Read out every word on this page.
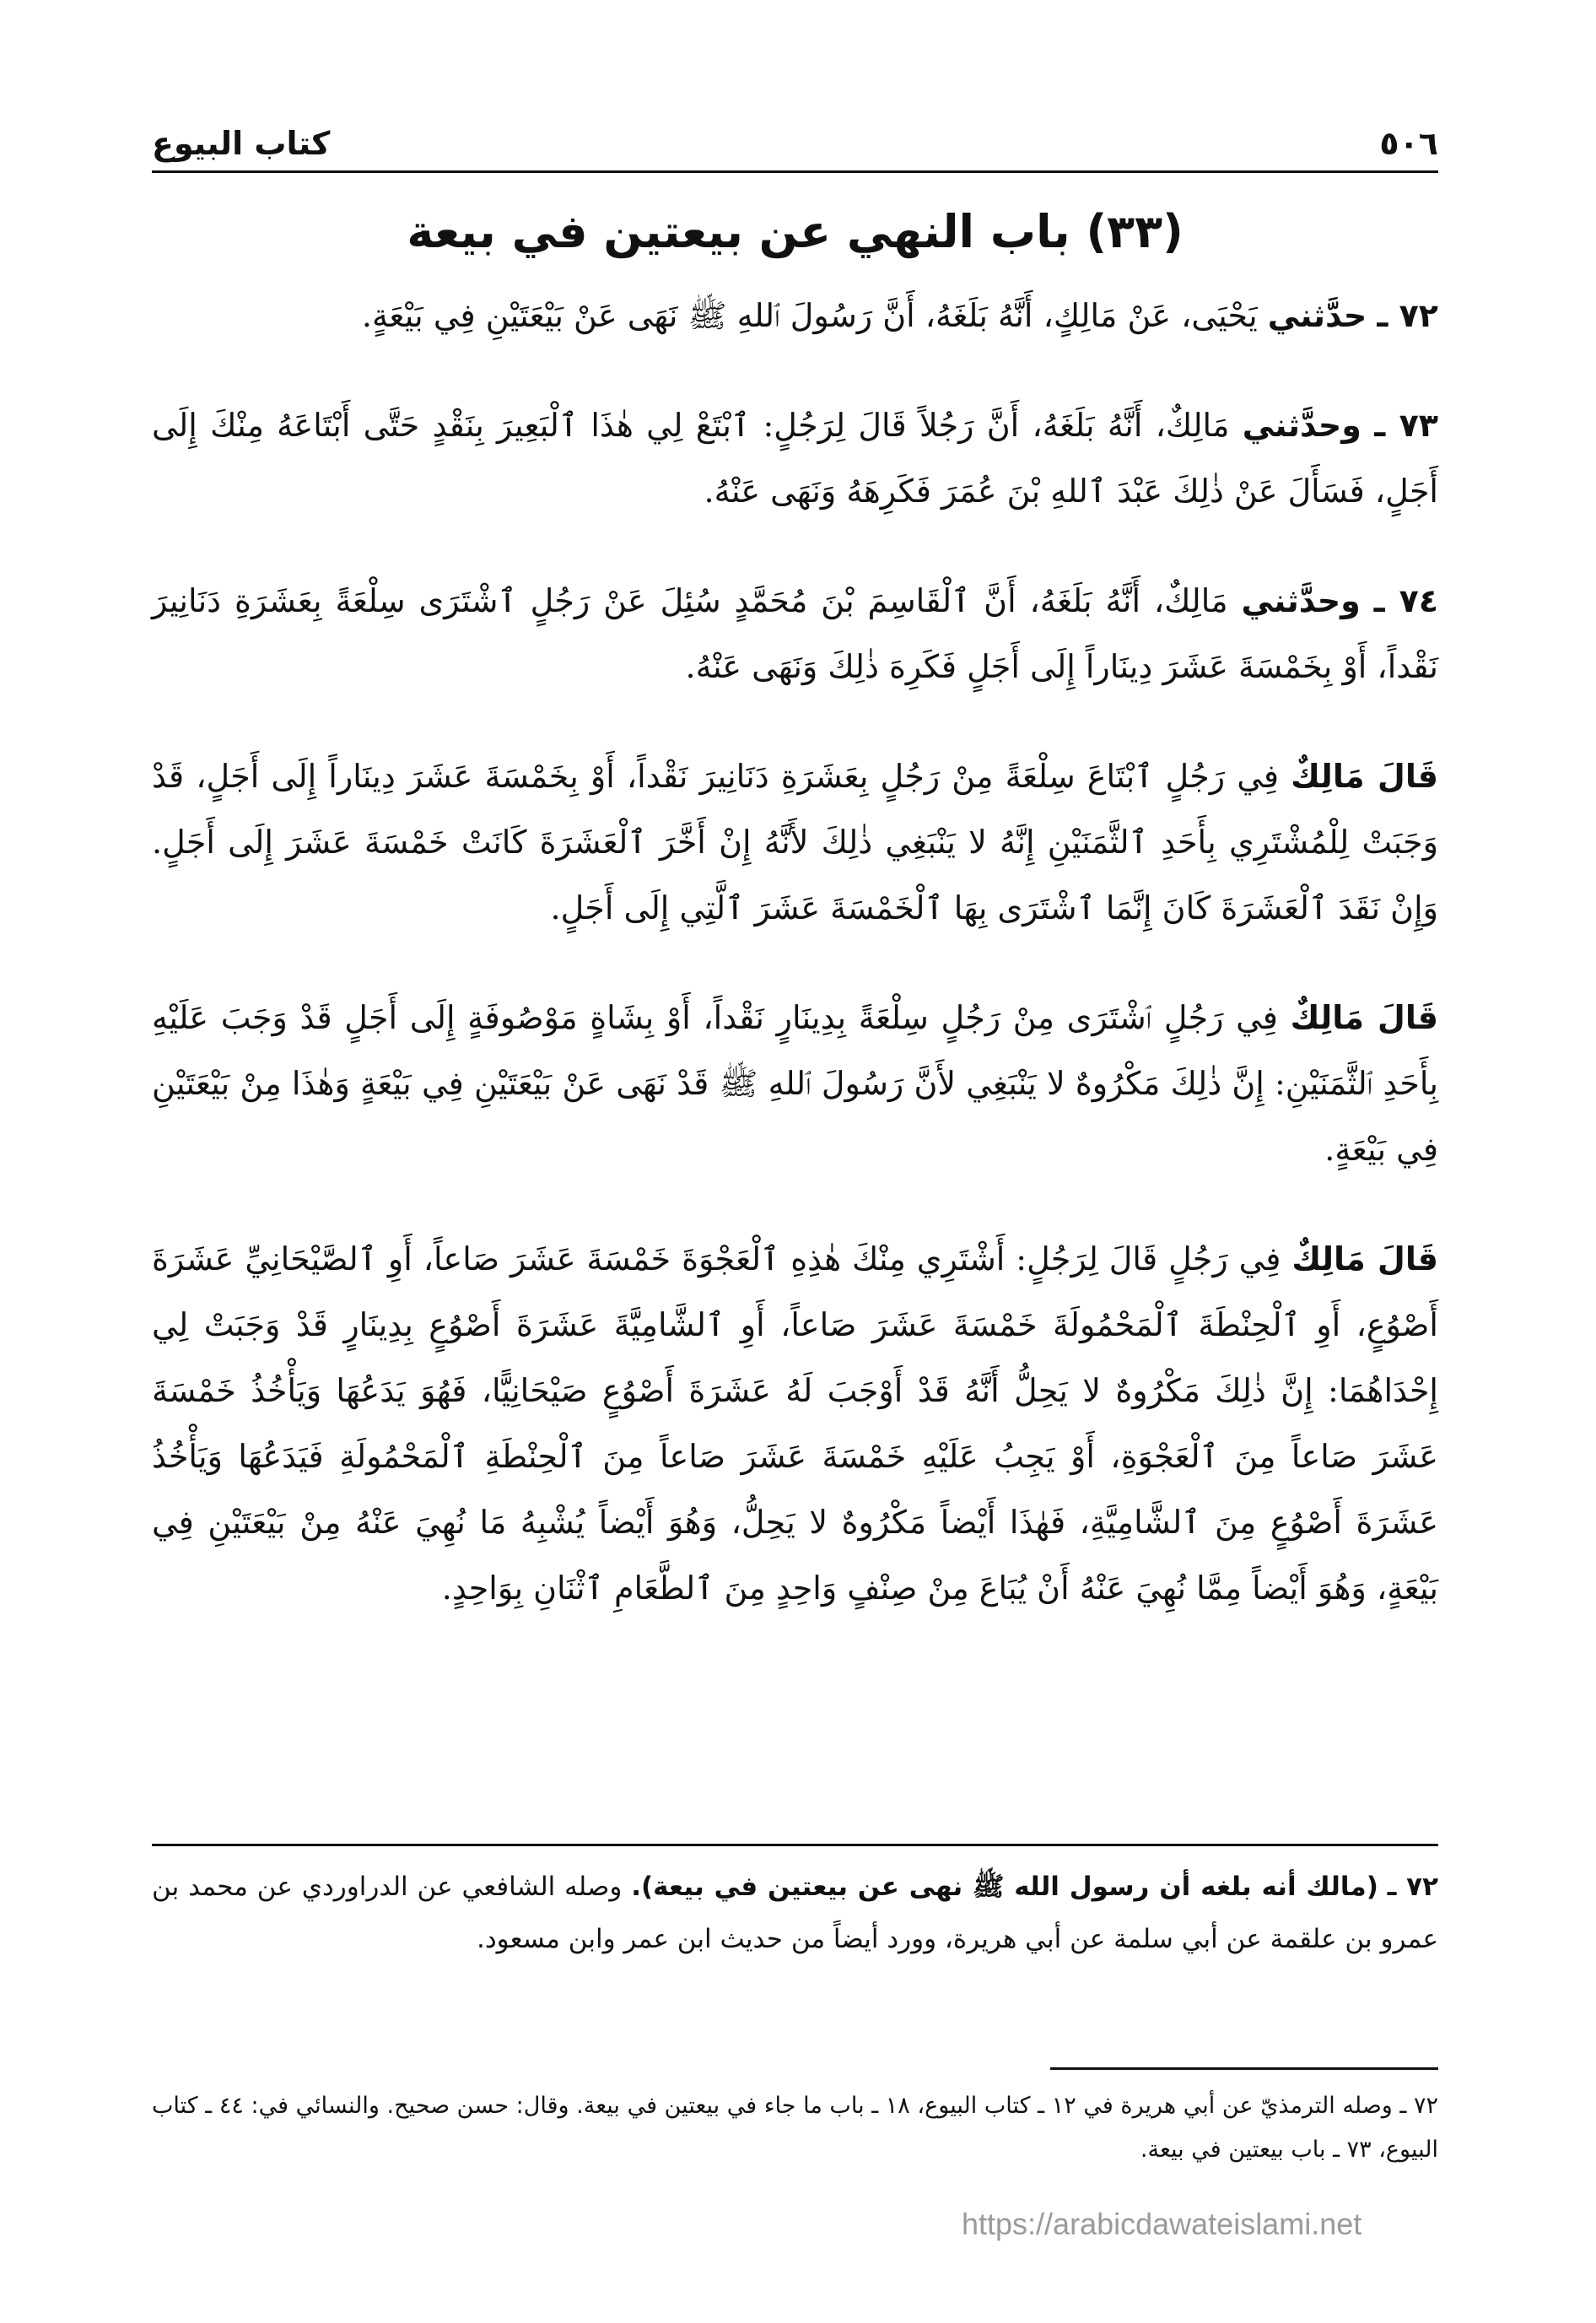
٥٠٦
كتاب البيوع
(٣٣) باب النهي عن بيعتين في بيعة

٧٢ ـ حدَّثني يَحْيَى، عَنْ مَالِكٍ، أَنَّهُ بَلَغَهُ، أَنَّ رَسُولَ ٱللهِ ﷺ نَهَى عَنْ بَيْعَتَيْنِ فِي بَيْعَةٍ.

٧٣ ـ وحدَّثني مَالِكٌ، أَنَّهُ بَلَغَهُ، أَنَّ رَجُلاً قَالَ لِرَجُلٍ: ٱبْتَعْ لِي هٰذَا ٱلْبَعِيرَ بِنَقْدٍ حَتَّى أَبْتَاعَهُ مِنْكَ إِلَى أَجَلٍ، فَسَأَلَ عَنْ ذٰلِكَ عَبْدَ ٱللهِ بْنَ عُمَرَ فَكَرِهَهُ وَنَهَى عَنْهُ.

٧٤ ـ وحدَّثني مَالِكٌ، أَنَّهُ بَلَغَهُ، أَنَّ ٱلْقَاسِمَ بْنَ مُحَمَّدٍ سُئِلَ عَنْ رَجُلٍ ٱشْتَرَى سِلْعَةً بِعَشَرَةِ دَنَانِيرَ نَقْداً، أَوْ بِخَمْسَةَ عَشَرَ دِينَاراً إِلَى أَجَلٍ فَكَرِهَ ذٰلِكَ وَنَهَى عَنْهُ.

قَالَ مَالِكٌ فِي رَجُلٍ ٱبْتَاعَ سِلْعَةً مِنْ رَجُلٍ بِعَشَرَةِ دَنَانِيرَ نَقْداً، أَوْ بِخَمْسَةَ عَشَرَ دِينَاراً إِلَى أَجَلٍ، قَدْ وَجَبَتْ لِلْمُشْتَرِي بِأَحَدِ ٱلثَّمَنَيْنِ إِنَّهُ لا يَنْبَغِي ذٰلِكَ لأَنَّهُ إِنْ أَخَّرَ ٱلْعَشَرَةَ كَانَتْ خَمْسَةَ عَشَرَ إِلَى أَجَلٍ. وَإِنْ نَقَدَ ٱلْعَشَرَةَ كَانَ إِنَّمَا ٱشْتَرَى بِهَا ٱلْخَمْسَةَ عَشَرَ ٱلَّتِي إِلَى أَجَلٍ.

قَالَ مَالِكٌ فِي رَجُلٍ ٱشْتَرَى مِنْ رَجُلٍ سِلْعَةً بِدِينَارٍ نَقْداً، أَوْ بِشَاةٍ مَوْصُوفَةٍ إِلَى أَجَلٍ قَدْ وَجَبَ عَلَيْهِ بِأَحَدِ ٱلثَّمَنَيْنِ: إِنَّ ذٰلِكَ مَكْرُوهٌ لا يَنْبَغِي لأَنَّ رَسُولَ ٱللهِ ﷺ قَدْ نَهَى عَنْ بَيْعَتَيْنِ فِي بَيْعَةٍ وَهٰذَا مِنْ بَيْعَتَيْنِ فِي بَيْعَةٍ.

قَالَ مَالِكٌ فِي رَجُلٍ قَالَ لِرَجُلٍ: أَشْتَرِي مِنْكَ هٰذِهِ ٱلْعَجْوَةَ خَمْسَةَ عَشَرَ صَاعاً، أَوِ ٱلصَّيْحَانِيِّ عَشَرَةَ أَصْوُعٍ، أَوِ ٱلْحِنْطَةَ ٱلْمَحْمُولَةَ خَمْسَةَ عَشَرَ صَاعاً، أَوِ ٱلشَّامِيَّةَ عَشَرَةَ أَصْوُعٍ بِدِينَارٍ قَدْ وَجَبَتْ لِي إِحْدَاهُمَا: إِنَّ ذٰلِكَ مَكْرُوهٌ لا يَحِلُّ أَنَّهُ قَدْ أَوْجَبَ لَهُ عَشَرَةَ أَصْوُعٍ صَيْحَانِيًّا، فَهُوَ يَدَعُهَا وَيَأْخُذُ خَمْسَةَ عَشَرَ صَاعاً مِنَ ٱلْعَجْوَةِ، أَوْ يَجِبُ عَلَيْهِ خَمْسَةَ عَشَرَ صَاعاً مِنَ ٱلْحِنْطَةِ ٱلْمَحْمُولَةِ فَيَدَعُهَا وَيَأْخُذُ عَشَرَةَ أَصْوُعٍ مِنَ ٱلشَّامِيَّةِ، فَهٰذَا أَيْضاً مَكْرُوهٌ لا يَحِلُّ، وَهُوَ أَيْضاً يُشْبِهُ مَا نُهِيَ عَنْهُ مِنْ بَيْعَتَيْنِ فِي بَيْعَةٍ، وَهُوَ أَيْضاً مِمَّا نُهِيَ عَنْهُ أَنْ يُبَاعَ مِنْ صِنْفٍ وَاحِدٍ مِنَ ٱلطَّعَامِ ٱثْنَانِ بِوَاحِدٍ.

٧٢ ـ (مالك أنه بلغه أن رسول الله ﷺ نهى عن بيعتين في بيعة). وصله الشافعي عن الدراوردي عن محمد بن عمرو بن علقمة عن أبي سلمة عن أبي هريرة، وورد أيضاً من حديث ابن عمر وابن مسعود.
٧٢ ـ وصله الترمذيّ عن أبي هريرة في ١٢ ـ كتاب البيوع، ١٨ ـ باب ما جاء في بيعتين في بيعة. وقال: حسن صحيح. والنسائي في: ٤٤ ـ كتاب البيوع، ٧٣ ـ باب بيعتين في بيعة.
https://arabicdawateislami.net
